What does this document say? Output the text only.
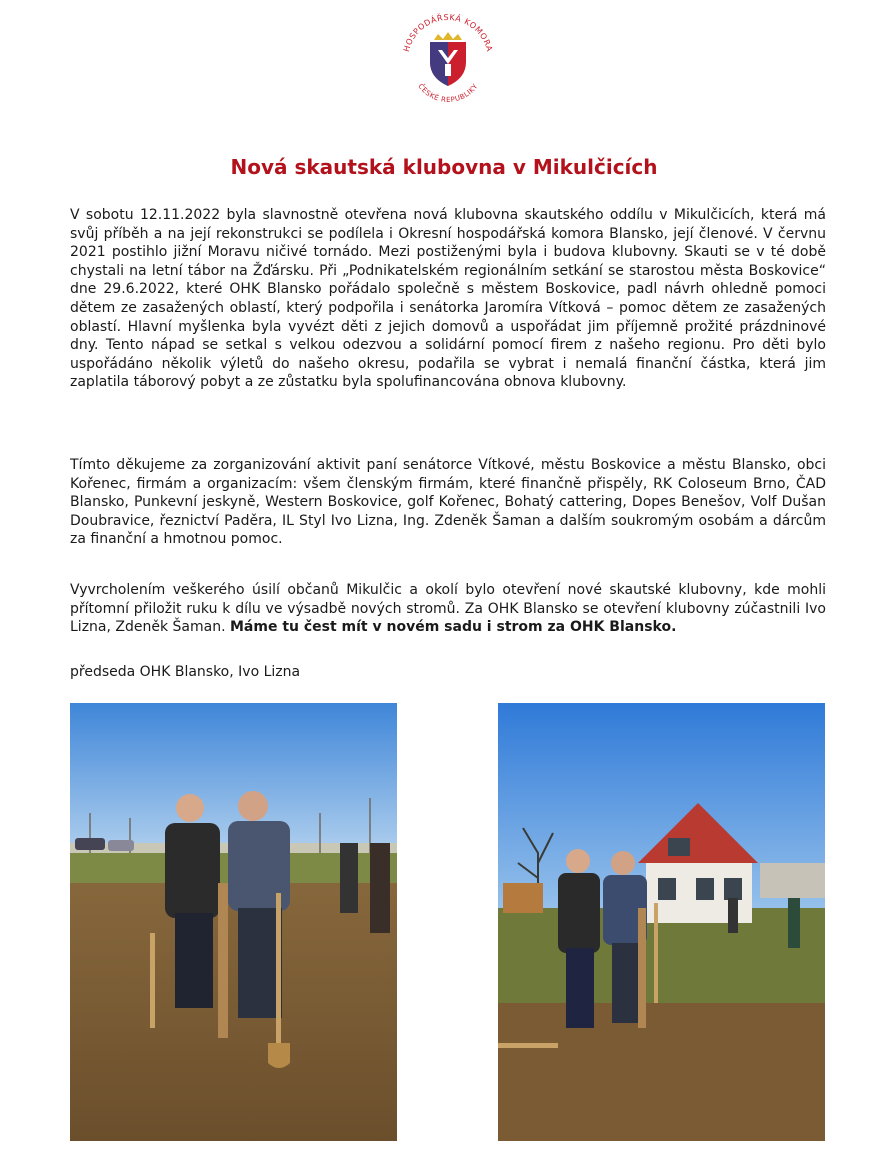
HOSPODÁŘSKÁ KOMORA
ČESKÉ REPUBLIKY
Nová skautská klubovna v Mikulčicích

V sobotu 12.11.2022 byla slavnostně otevřena nová klubovna skautského oddílu v Mikulčicích, která má svůj příběh a na její rekonstrukci se podílela i Okresní hospodářská komora Blansko, její členové. V červnu 2021 postihlo jižní Moravu ničivé tornádo. Mezi postiženými byla i budova klubovny. Skauti se v té době chystali na letní tábor na Žďársku. Při „Podnikatelském regionálním setkání se starostou města Boskovice“ dne 29.6.2022, které OHK Blansko pořádalo společně s městem Boskovice, padl návrh ohledně pomoci dětem ze zasažených oblastí, který podpořila i senátorka Jaromíra Vítková – pomoc dětem ze zasažených oblastí. Hlavní myšlenka byla vyvézt děti z jejich domovů a uspořádat jim příjemně prožité prázdninové dny. Tento nápad se setkal s velkou odezvou a solidární pomocí firem z našeho regionu. Pro děti bylo uspořádáno několik výletů do našeho okresu, podařila se vybrat i nemalá finanční částka, která jim zaplatila táborový pobyt a ze zůstatku byla spolufinancována obnova klubovny.

Tímto děkujeme za zorganizování aktivit paní senátorce Vítkové, městu Boskovice a městu Blansko, obci Kořenec, firmám a organizacím: všem členským firmám, které finančně přispěly, RK Coloseum Brno, ČAD Blansko, Punkevní jeskyně, Western Boskovice, golf Kořenec, Bohatý cattering, Dopes Benešov, Volf Dušan Doubravice, řeznictví Paděra, IL Styl Ivo Lizna, Ing. Zdeněk Šaman a dalším soukromým osobám a dárcům za finanční a hmotnou pomoc.

Vyvrcholením veškerého úsilí občanů Mikulčic a okolí bylo otevření nové skautské klubovny, kde mohli přítomní přiložit ruku k dílu ve výsadbě nových stromů. Za OHK Blansko se otevření klubovny zúčastnili Ivo Lizna, Zdeněk Šaman. Máme tu čest mít v novém sadu i strom za OHK Blansko.

předseda OHK Blansko, Ivo Lizna
